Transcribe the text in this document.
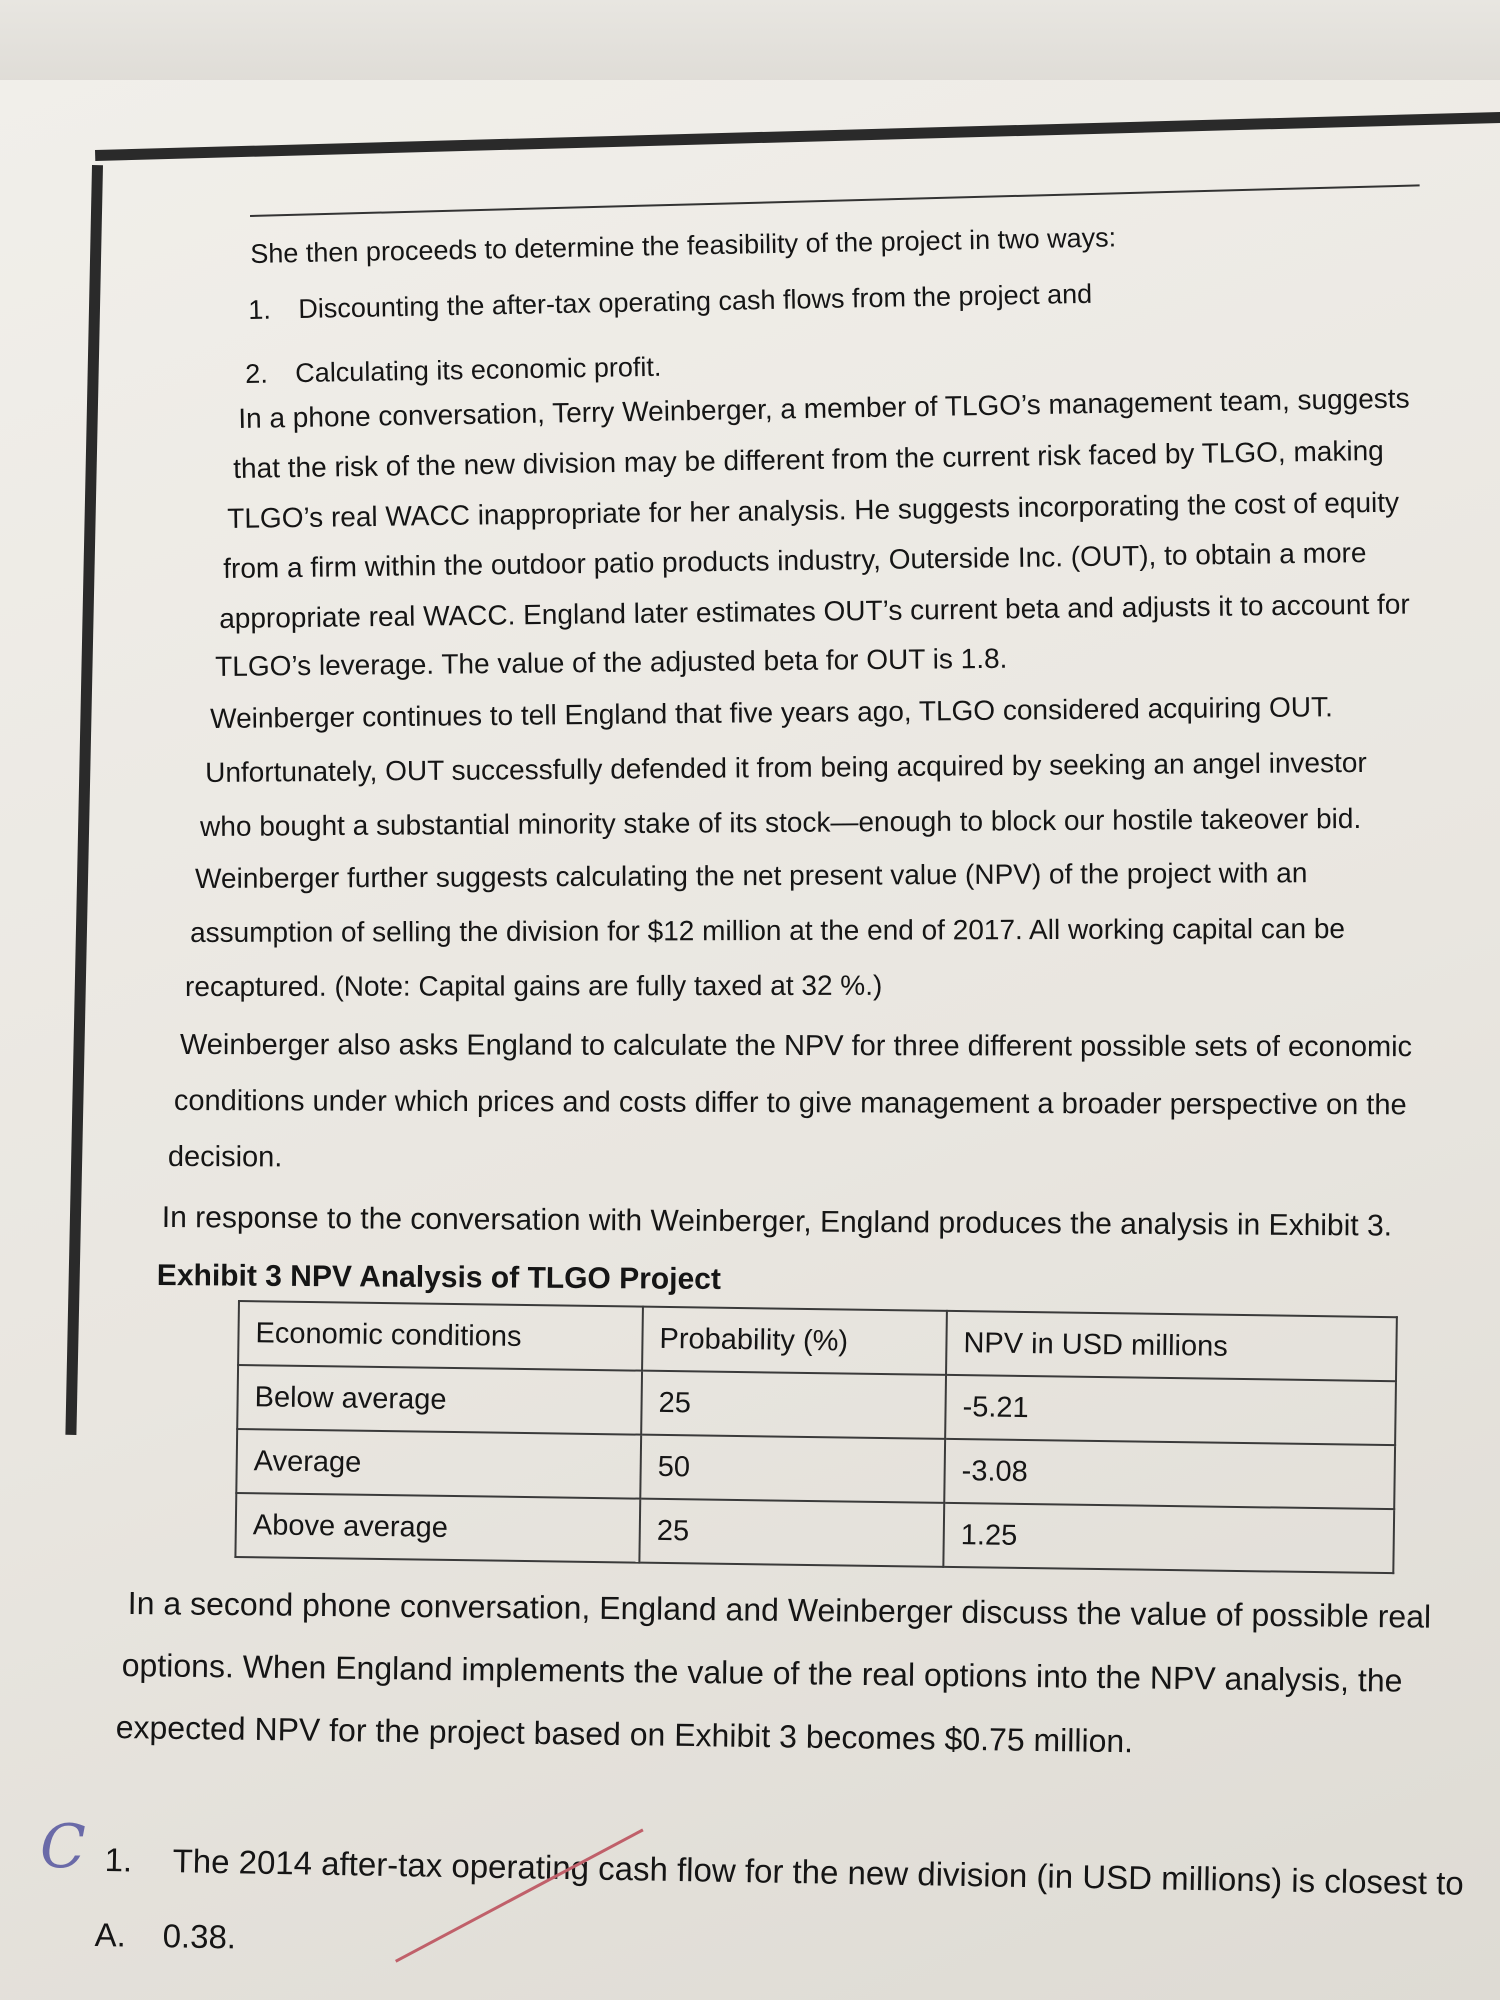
She then proceeds to determine the feasibility of the project in two ways:
1. Discounting the after-tax operating cash flows from the project and
2. Calculating its economic profit.
In a phone conversation, Terry Weinberger, a member of TLGO’s management team, suggests
that the risk of the new division may be different from the current risk faced by TLGO, making
TLGO’s real WACC inappropriate for her analysis. He suggests incorporating the cost of equity
from a firm within the outdoor patio products industry, Outerside Inc. (OUT), to obtain a more
appropriate real WACC. England later estimates OUT’s current beta and adjusts it to account for
TLGO’s leverage. The value of the adjusted beta for OUT is 1.8.
Weinberger continues to tell England that five years ago, TLGO considered acquiring OUT.
Unfortunately, OUT successfully defended it from being acquired by seeking an angel investor
who bought a substantial minority stake of its stock—enough to block our hostile takeover bid.
Weinberger further suggests calculating the net present value (NPV) of the project with an
assumption of selling the division for $12 million at the end of 2017. All working capital can be
recaptured. (Note: Capital gains are fully taxed at 32 %.)
Weinberger also asks England to calculate the NPV for three different possible sets of economic
conditions under which prices and costs differ to give management a broader perspective on the
decision.
In response to the conversation with Weinberger, England produces the analysis in Exhibit 3.
Exhibit 3 NPV Analysis of TLGO Project
Economic conditions	Probability (%)	NPV in USD millions
Below average	25	-5.21
Average	50	-3.08
Above average	25	1.25
In a second phone conversation, England and Weinberger discuss the value of possible real
options. When England implements the value of the real options into the NPV analysis, the
expected NPV for the project based on Exhibit 3 becomes $0.75 million.
C 1. The 2014 after-tax operating cash flow for the new division (in USD millions) is closest to
A. 0.38.
